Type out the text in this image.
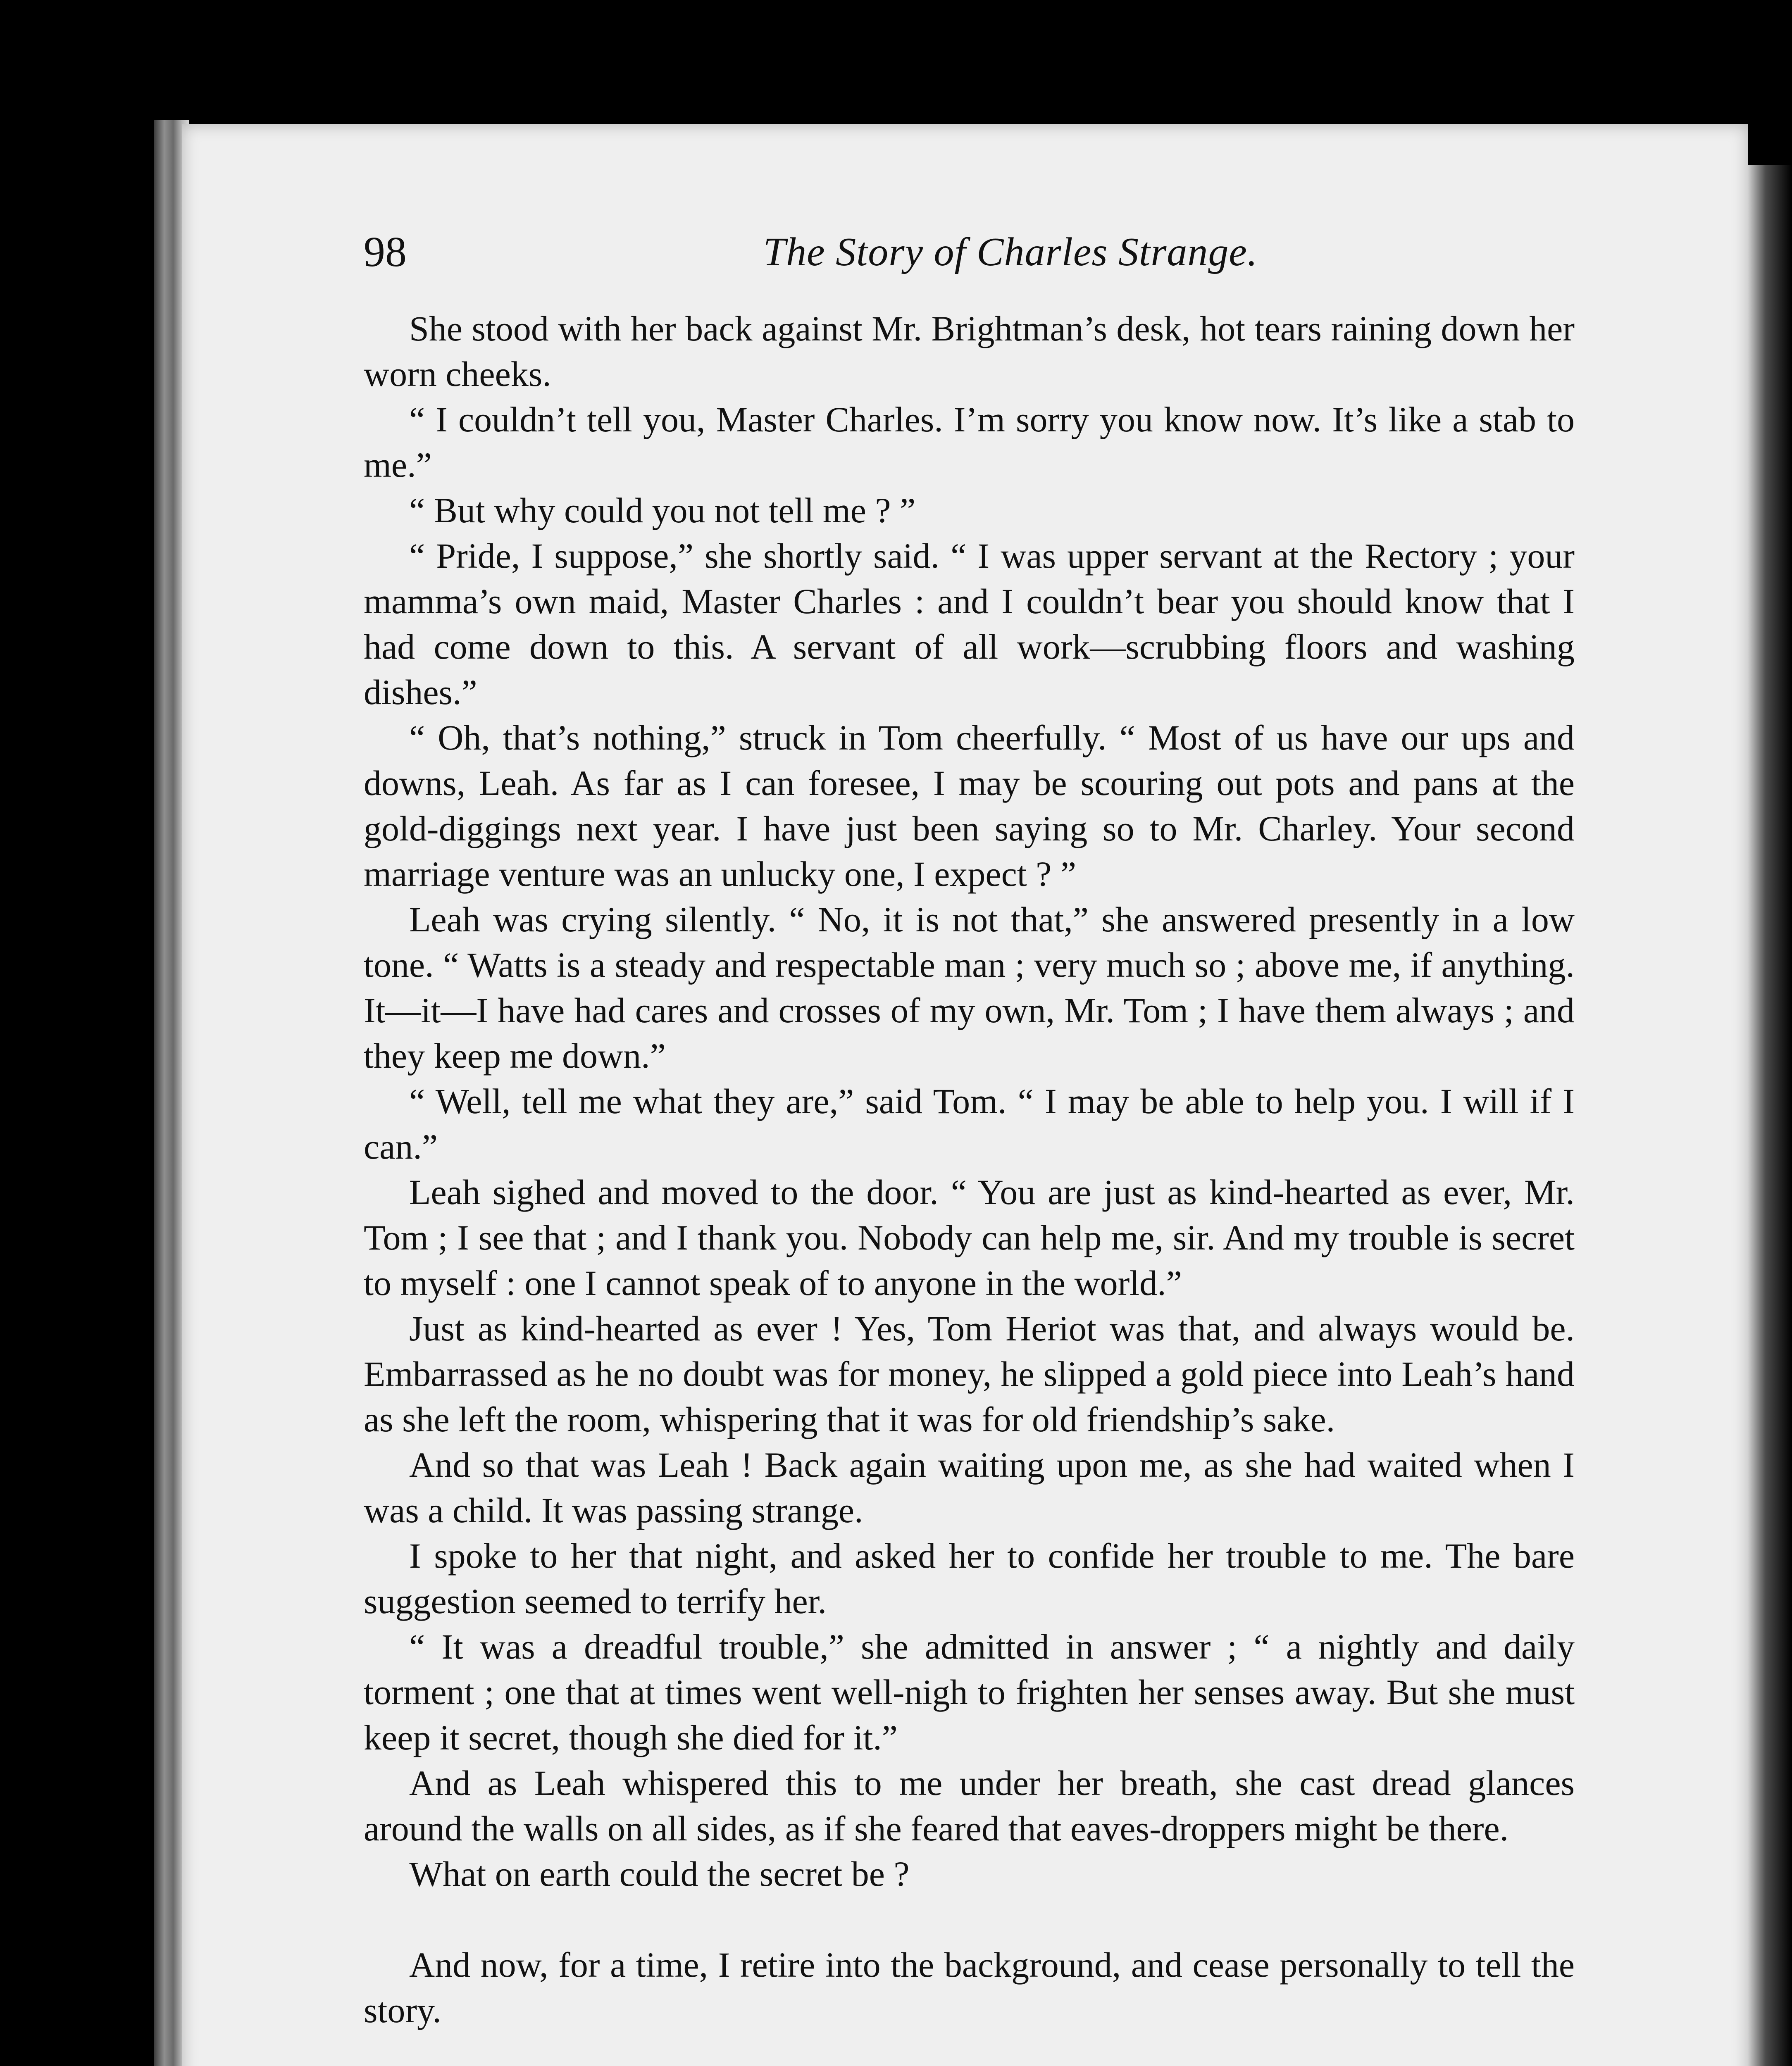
98	The Story of Charles Strange.

She stood with her back against Mr. Brightman’s desk, hot tears raining down her worn cheeks.

“ I couldn’t tell you, Master Charles. I’m sorry you know now. It’s like a stab to me.”

“ But why could you not tell me ? ”

“ Pride, I suppose,” she shortly said. “ I was upper servant at the Rectory ; your mamma’s own maid, Master Charles : and I couldn’t bear you should know that I had come down to this. A servant of all work—scrubbing floors and washing dishes.”

“ Oh, that’s nothing,” struck in Tom cheerfully. “ Most of us have our ups and downs, Leah. As far as I can foresee, I may be scouring out pots and pans at the gold-diggings next year. I have just been saying so to Mr. Charley. Your second marriage venture was an unlucky one, I expect ? ”

Leah was crying silently. “ No, it is not that,” she answered presently in a low tone. “ Watts is a steady and respectable man ; very much so ; above me, if anything. It—it—I have had cares and crosses of my own, Mr. Tom ; I have them always ; and they keep me down.”

“ Well, tell me what they are,” said Tom. “ I may be able to help you. I will if I can.”

Leah sighed and moved to the door. “ You are just as kind-hearted as ever, Mr. Tom ; I see that ; and I thank you. Nobody can help me, sir. And my trouble is secret to myself : one I cannot speak of to anyone in the world.”

Just as kind-hearted as ever ! Yes, Tom Heriot was that, and always would be. Embarrassed as he no doubt was for money, he slipped a gold piece into Leah’s hand as she left the room, whispering that it was for old friendship’s sake.

And so that was Leah ! Back again waiting upon me, as she had waited when I was a child. It was passing strange.

I spoke to her that night, and asked her to confide her trouble to me. The bare suggestion seemed to terrify her.

“ It was a dreadful trouble,” she admitted in answer ; “ a nightly and daily torment ; one that at times went well-nigh to frighten her senses away. But she must keep it secret, though she died for it.”

And as Leah whispered this to me under her breath, she cast dread glances around the walls on all sides, as if she feared that eaves-droppers might be there.

What on earth could the secret be ?

And now, for a time, I retire into the background, and cease personally to tell the story.
